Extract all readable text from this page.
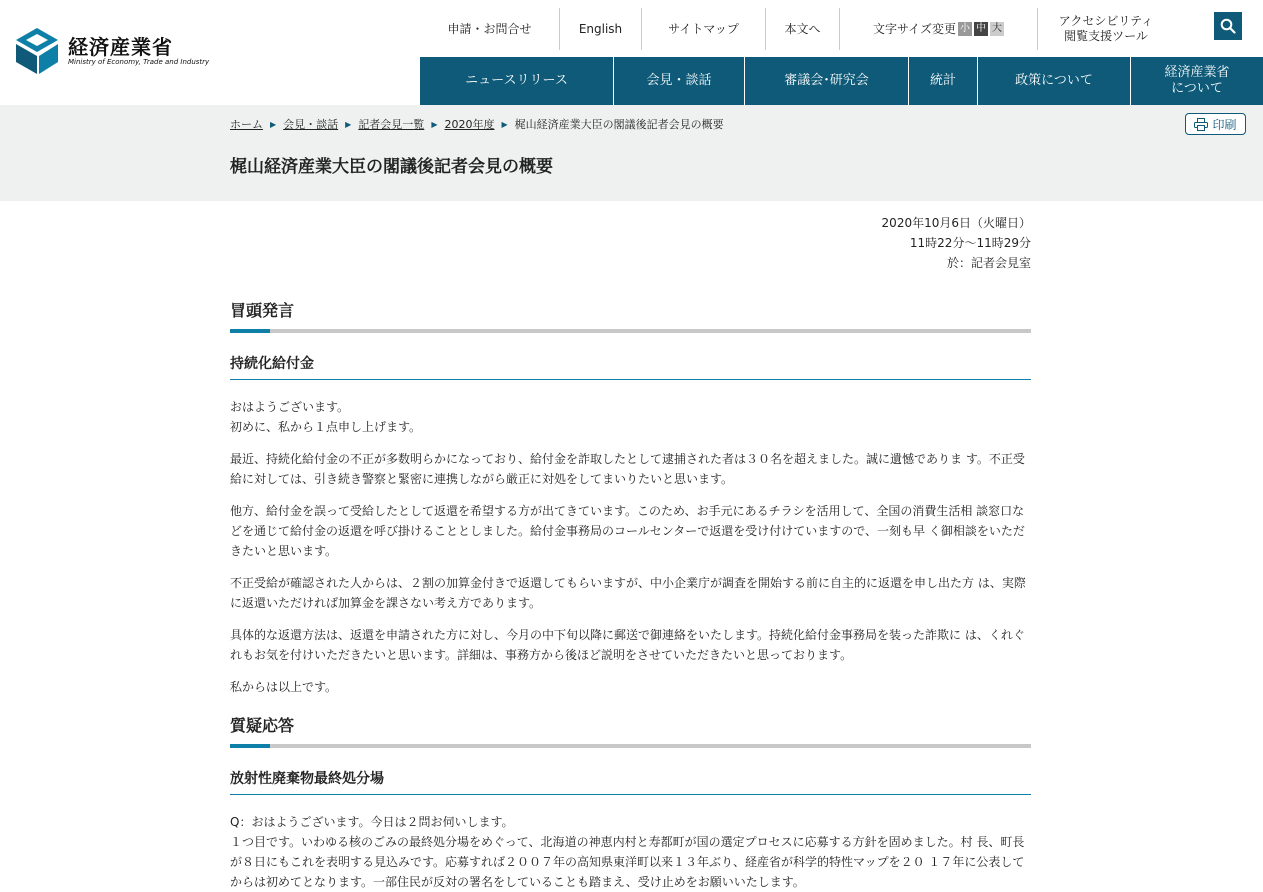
経済産業省
Ministry of Economy, Trade and Industry
申請・お問合せ	English	サイトマップ	本文へ	文字サイズ変更 小 中 大
アクセシビリティ
閲覧支援ツール
ニュースリリース	会見・談話	審議会･研究会	統計	政策について
経済産業省
について
ホーム ▶ 会見・談話 ▶ 記者会見一覧 ▶ 2020年度 ▶ 梶山経済産業大臣の閣議後記者会見の概要	印刷
梶山経済産業大臣の閣議後記者会見の概要
2020年10月6日（火曜日）
11時22分～11時29分
於：記者会見室
冒頭発言
持続化給付金

おはようございます。

初めに、私から１点申し上げます。

最近、持続化給付金の不正が多数明らかになっており、給付金を詐取したとして逮捕された者は３０名を超えました。誠に遺憾でありま す。不正受給に対しては、引き続き警察と緊密に連携しながら厳正に対処をしてまいりたいと思います。

他方、給付金を誤って受給したとして返還を希望する方が出てきています。このため、お手元にあるチラシを活用して、全国の消費生活相 談窓口などを通じて給付金の返還を呼び掛けることとしました。給付金事務局のコールセンターで返還を受け付けていますので、一刻も早 く御相談をいただきたいと思います。

不正受給が確認された人からは、２割の加算金付きで返還してもらいますが、中小企業庁が調査を開始する前に自主的に返還を申し出た方 は、実際に返還いただければ加算金を課さない考え方であります。

具体的な返還方法は、返還を申請された方に対し、今月の中下旬以降に郵送で御連絡をいたします。持続化給付金事務局を装った詐欺に は、くれぐれもお気を付けいただきたいと思います。詳細は、事務方から後ほど説明をさせていただきたいと思っております。

私からは以上です。

質疑応答
放射性廃棄物最終処分場

Q：おはようございます。今日は２問お伺いします。

１つ目です。いわゆる核のごみの最終処分場をめぐって、北海道の神恵内村と寿都町が国の選定プロセスに応募する方針を固めました。村 長、町長が８日にもこれを表明する見込みです。応募すれば２００７年の高知県東洋町以来１３年ぶり、経産省が科学的特性マップを２０ １７年に公表してからは初めてとなります。一部住民が反対の署名をしていることも踏まえ、受け止めをお願いいたします。
